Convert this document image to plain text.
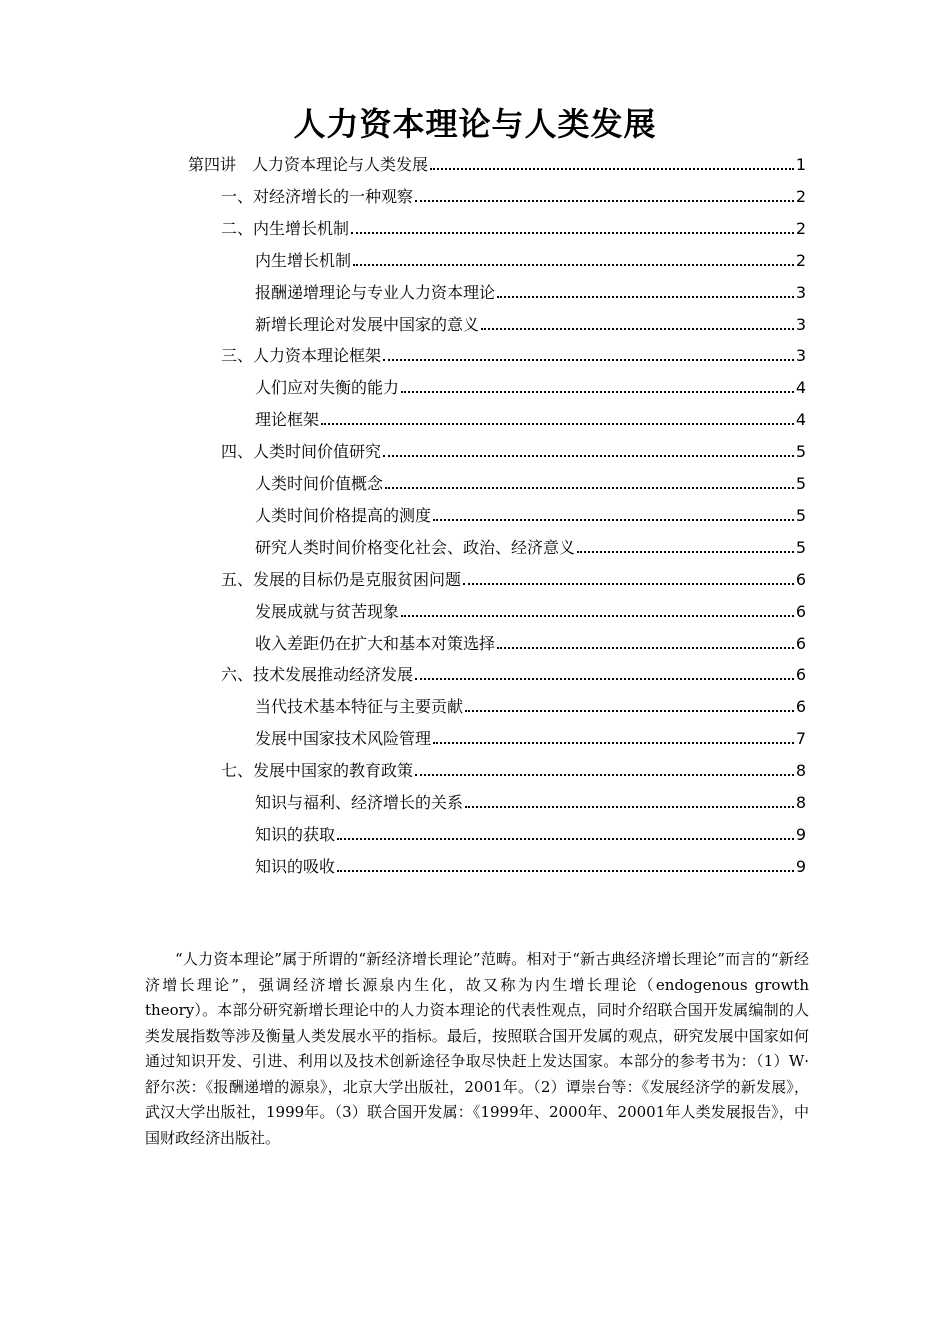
人力资本理论与人类发展
第四讲　人力资本理论与人类发展	1
一、对经济增长的一种观察	2
二、内生增长机制	2
内生增长机制	2
报酬递增理论与专业人力资本理论	3
新增长理论对发展中国家的意义	3
三、人力资本理论框架	3
人们应对失衡的能力	4
理论框架	4
四、人类时间价值研究	5
人类时间价值概念	5
人类时间价格提高的测度	5
研究人类时间价格变化社会、政治、经济意义	5
五、发展的目标仍是克服贫困问题	6
发展成就与贫苦现象	6
收入差距仍在扩大和基本对策选择	6
六、技术发展推动经济发展	6
当代技术基本特征与主要贡献	6
发展中国家技术风险管理	7
七、发展中国家的教育政策	8
知识与福利、经济增长的关系	8
知识的获取	9
知识的吸收	9

“人力资本理论”属于所谓的“新经济增长理论”范畴。相对于“新古典经济增长理论”而言的“新经济增长理论”，强调经济增长源泉内生化，故又称为内生增长理论（endogenous growth theory）。本部分研究新增长理论中的人力资本理论的代表性观点，同时介绍联合国开发属编制的人类发展指数等涉及衡量人类发展水平的指标。最后，按照联合国开发属的观点，研究发展中国家如何通过知识开发、引进、利用以及技术创新途径争取尽快赶上发达国家。本部分的参考书为：（1）W·舒尔茨：《报酬递增的源泉》，北京大学出版社，2001年。（2）谭崇台等：《发展经济学的新发展》，武汉大学出版社，1999年。（3）联合国开发属：《1999年、2000年、20001年人类发展报告》，中国财政经济出版社。
